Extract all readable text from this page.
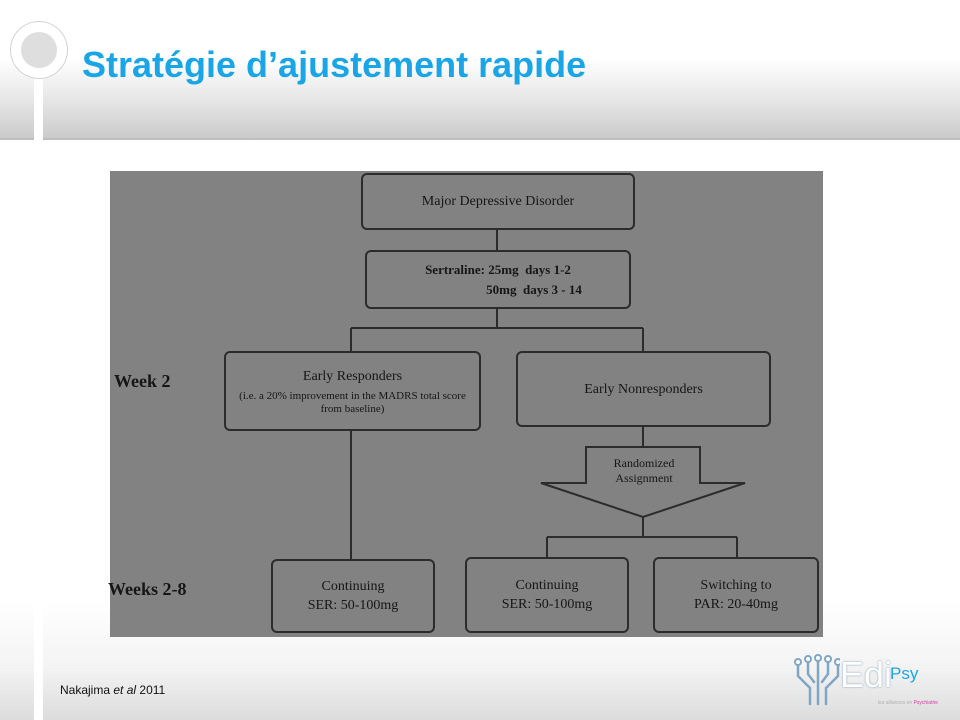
Stratégie d’ajustement rapide
Major Depressive Disorder
Sertraline: 25mg  days 1-2
50mg  days 3 - 14
Early Responders
(i.e. a 20% improvement in the MADRS total score from baseline)
Early Nonresponders
Randomized Assignment
Continuing
SER: 50-100mg
Continuing
SER: 50-100mg
Switching to
PAR: 20-40mg
Week 2
Weeks 2-8
Nakajima et al 2011	Edi
Psy
les alliances en Psychiatrie
